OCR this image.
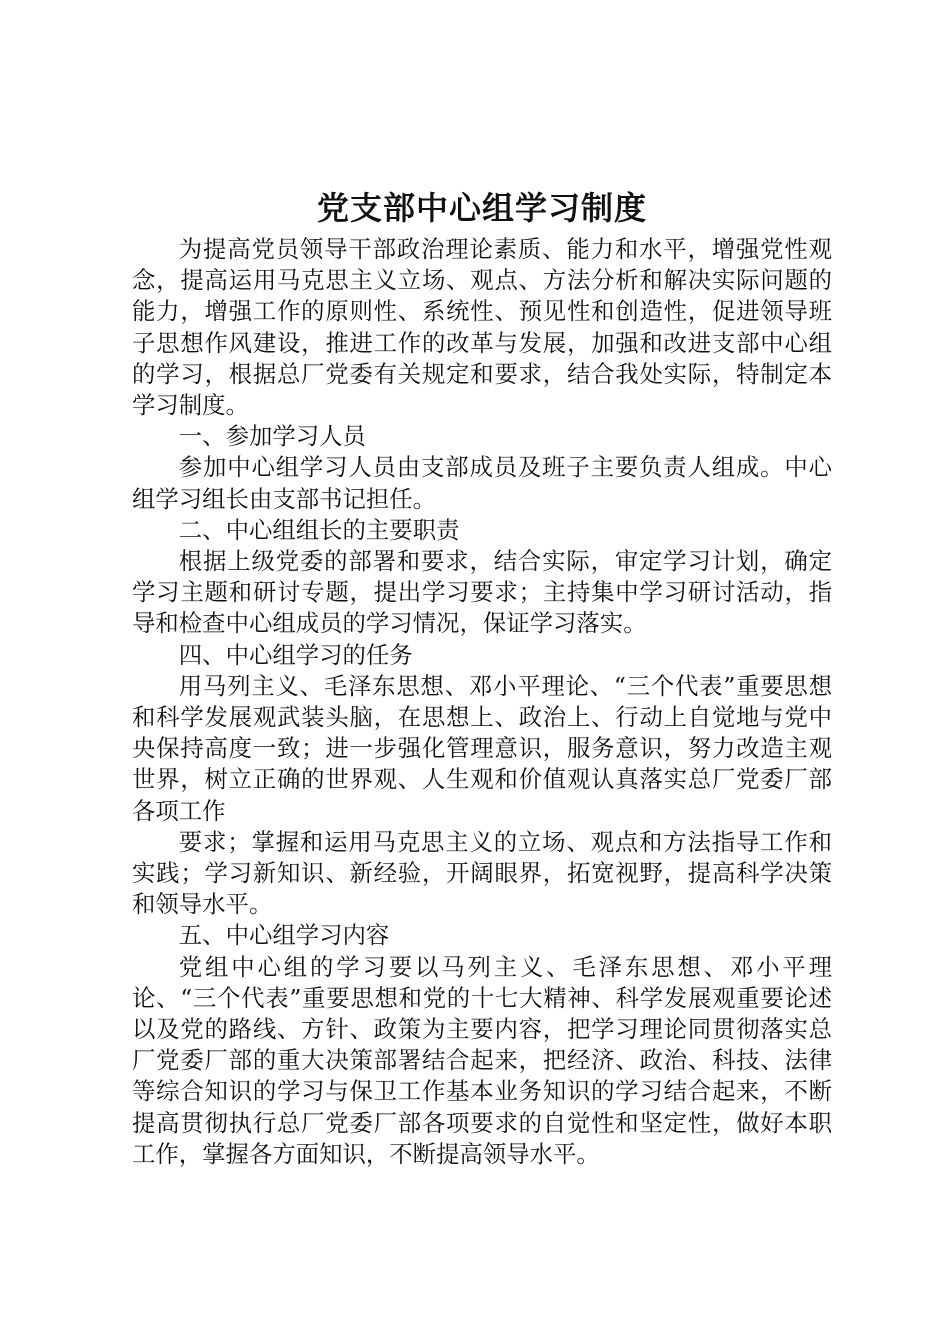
党支部中心组学习制度

为提高党员领导干部政治理论素质、能力和水平，增强党性观念，提高运用马克思主义立场、观点、方法分析和解决实际问题的能力，增强工作的原则性、系统性、预见性和创造性，促进领导班子思想作风建设，推进工作的改革与发展，加强和改进支部中心组的学习，根据总厂党委有关规定和要求，结合我处实际，特制定本学习制度。

一、参加学习人员

参加中心组学习人员由支部成员及班子主要负责人组成。中心组学习组长由支部书记担任。

二、中心组组长的主要职责

根据上级党委的部署和要求，结合实际，审定学习计划，确定学习主题和研讨专题，提出学习要求；主持集中学习研讨活动，指导和检查中心组成员的学习情况，保证学习落实。

四、中心组学习的任务

用马列主义、毛泽东思想、邓小平理论、“三个代表”重要思想和科学发展观武装头脑，在思想上、政治上、行动上自觉地与党中央保持高度一致；进一步强化管理意识，服务意识，努力改造主观世界，树立正确的世界观、人生观和价值观认真落实总厂党委厂部各项工作

要求；掌握和运用马克思主义的立场、观点和方法指导工作和实践；学习新知识、新经验，开阔眼界，拓宽视野，提高科学决策和领导水平。

五、中心组学习内容

党组中心组的学习要以马列主义、毛泽东思想、邓小平理论、“三个代表”重要思想和党的十七大精神、科学发展观重要论述以及党的路线、方针、政策为主要内容，把学习理论同贯彻落实总厂党委厂部的重大决策部署结合起来，把经济、政治、科技、法律等综合知识的学习与保卫工作基本业务知识的学习结合起来，不断提高贯彻执行总厂党委厂部各项要求的自觉性和坚定性，做好本职工作，掌握各方面知识，不断提高领导水平。
